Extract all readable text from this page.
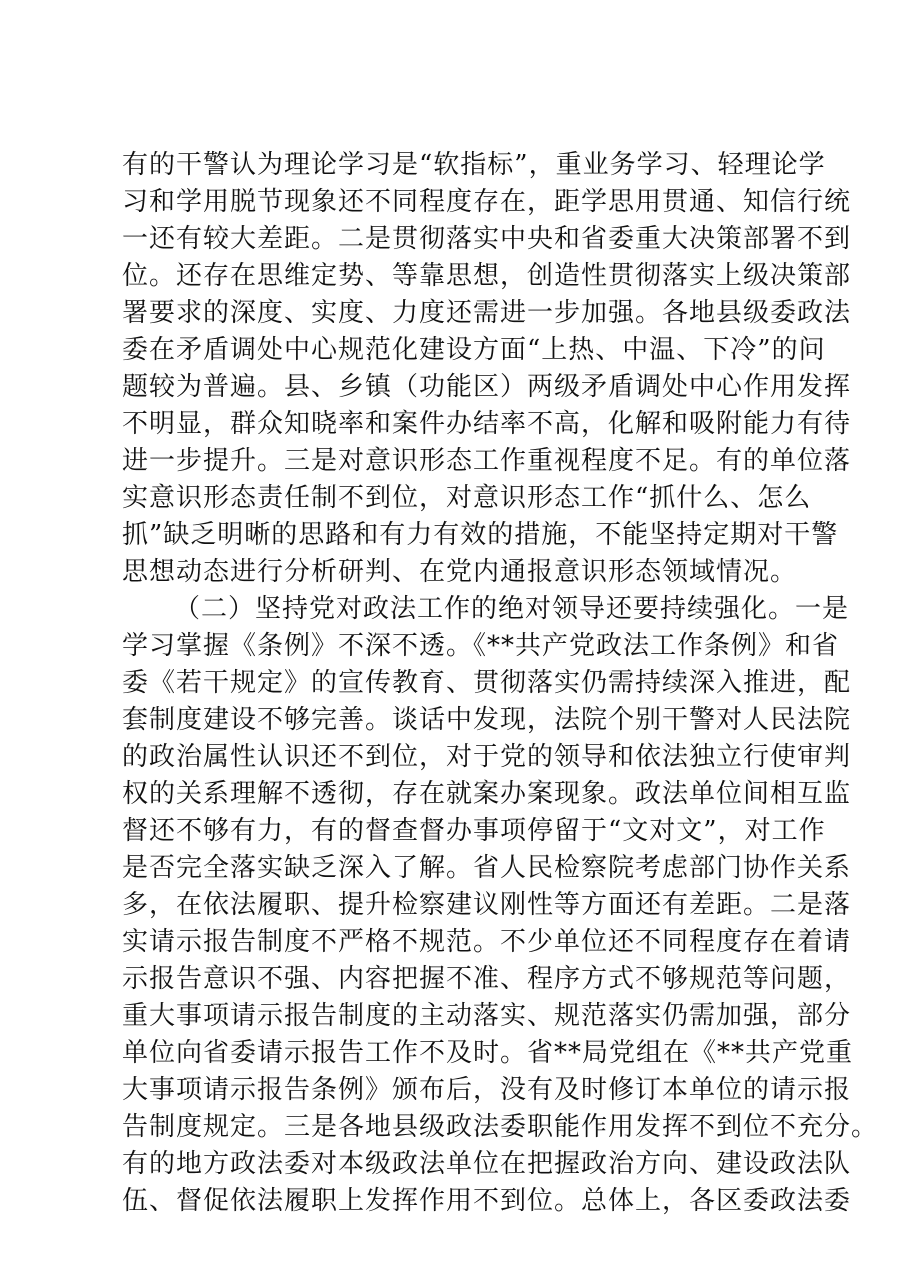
有的干警认为理论学习是“软指标”，重业务学习、轻理论学
习和学用脱节现象还不同程度存在，距学思用贯通、知信行统
一还有较大差距。二是贯彻落实中央和省委重大决策部署不到
位。还存在思维定势、等靠思想，创造性贯彻落实上级决策部
署要求的深度、实度、力度还需进一步加强。各地县级委政法
委在矛盾调处中心规范化建设方面“上热、中温、下冷”的问
题较为普遍。县、乡镇（功能区）两级矛盾调处中心作用发挥
不明显，群众知晓率和案件办结率不高，化解和吸附能力有待
进一步提升。三是对意识形态工作重视程度不足。有的单位落
实意识形态责任制不到位，对意识形态工作“抓什么、怎么
抓”缺乏明晰的思路和有力有效的措施，不能坚持定期对干警
思想动态进行分析研判、在党内通报意识形态领域情况。
（二）坚持党对政法工作的绝对领导还要持续强化。一是
学习掌握《条例》不深不透。《**共产党政法工作条例》和省
委《若干规定》的宣传教育、贯彻落实仍需持续深入推进，配
套制度建设不够完善。谈话中发现，法院个别干警对人民法院
的政治属性认识还不到位，对于党的领导和依法独立行使审判
权的关系理解不透彻，存在就案办案现象。政法单位间相互监
督还不够有力，有的督查督办事项停留于“文对文”，对工作
是否完全落实缺乏深入了解。省人民检察院考虑部门协作关系
多，在依法履职、提升检察建议刚性等方面还有差距。二是落
实请示报告制度不严格不规范。不少单位还不同程度存在着请
示报告意识不强、内容把握不准、程序方式不够规范等问题，
重大事项请示报告制度的主动落实、规范落实仍需加强，部分
单位向省委请示报告工作不及时。省**局党组在《**共产党重
大事项请示报告条例》颁布后，没有及时修订本单位的请示报
告制度规定。三是各地县级政法委职能作用发挥不到位不充分。
有的地方政法委对本级政法单位在把握政治方向、建设政法队
伍、督促依法履职上发挥作用不到位。总体上，各区委政法委
